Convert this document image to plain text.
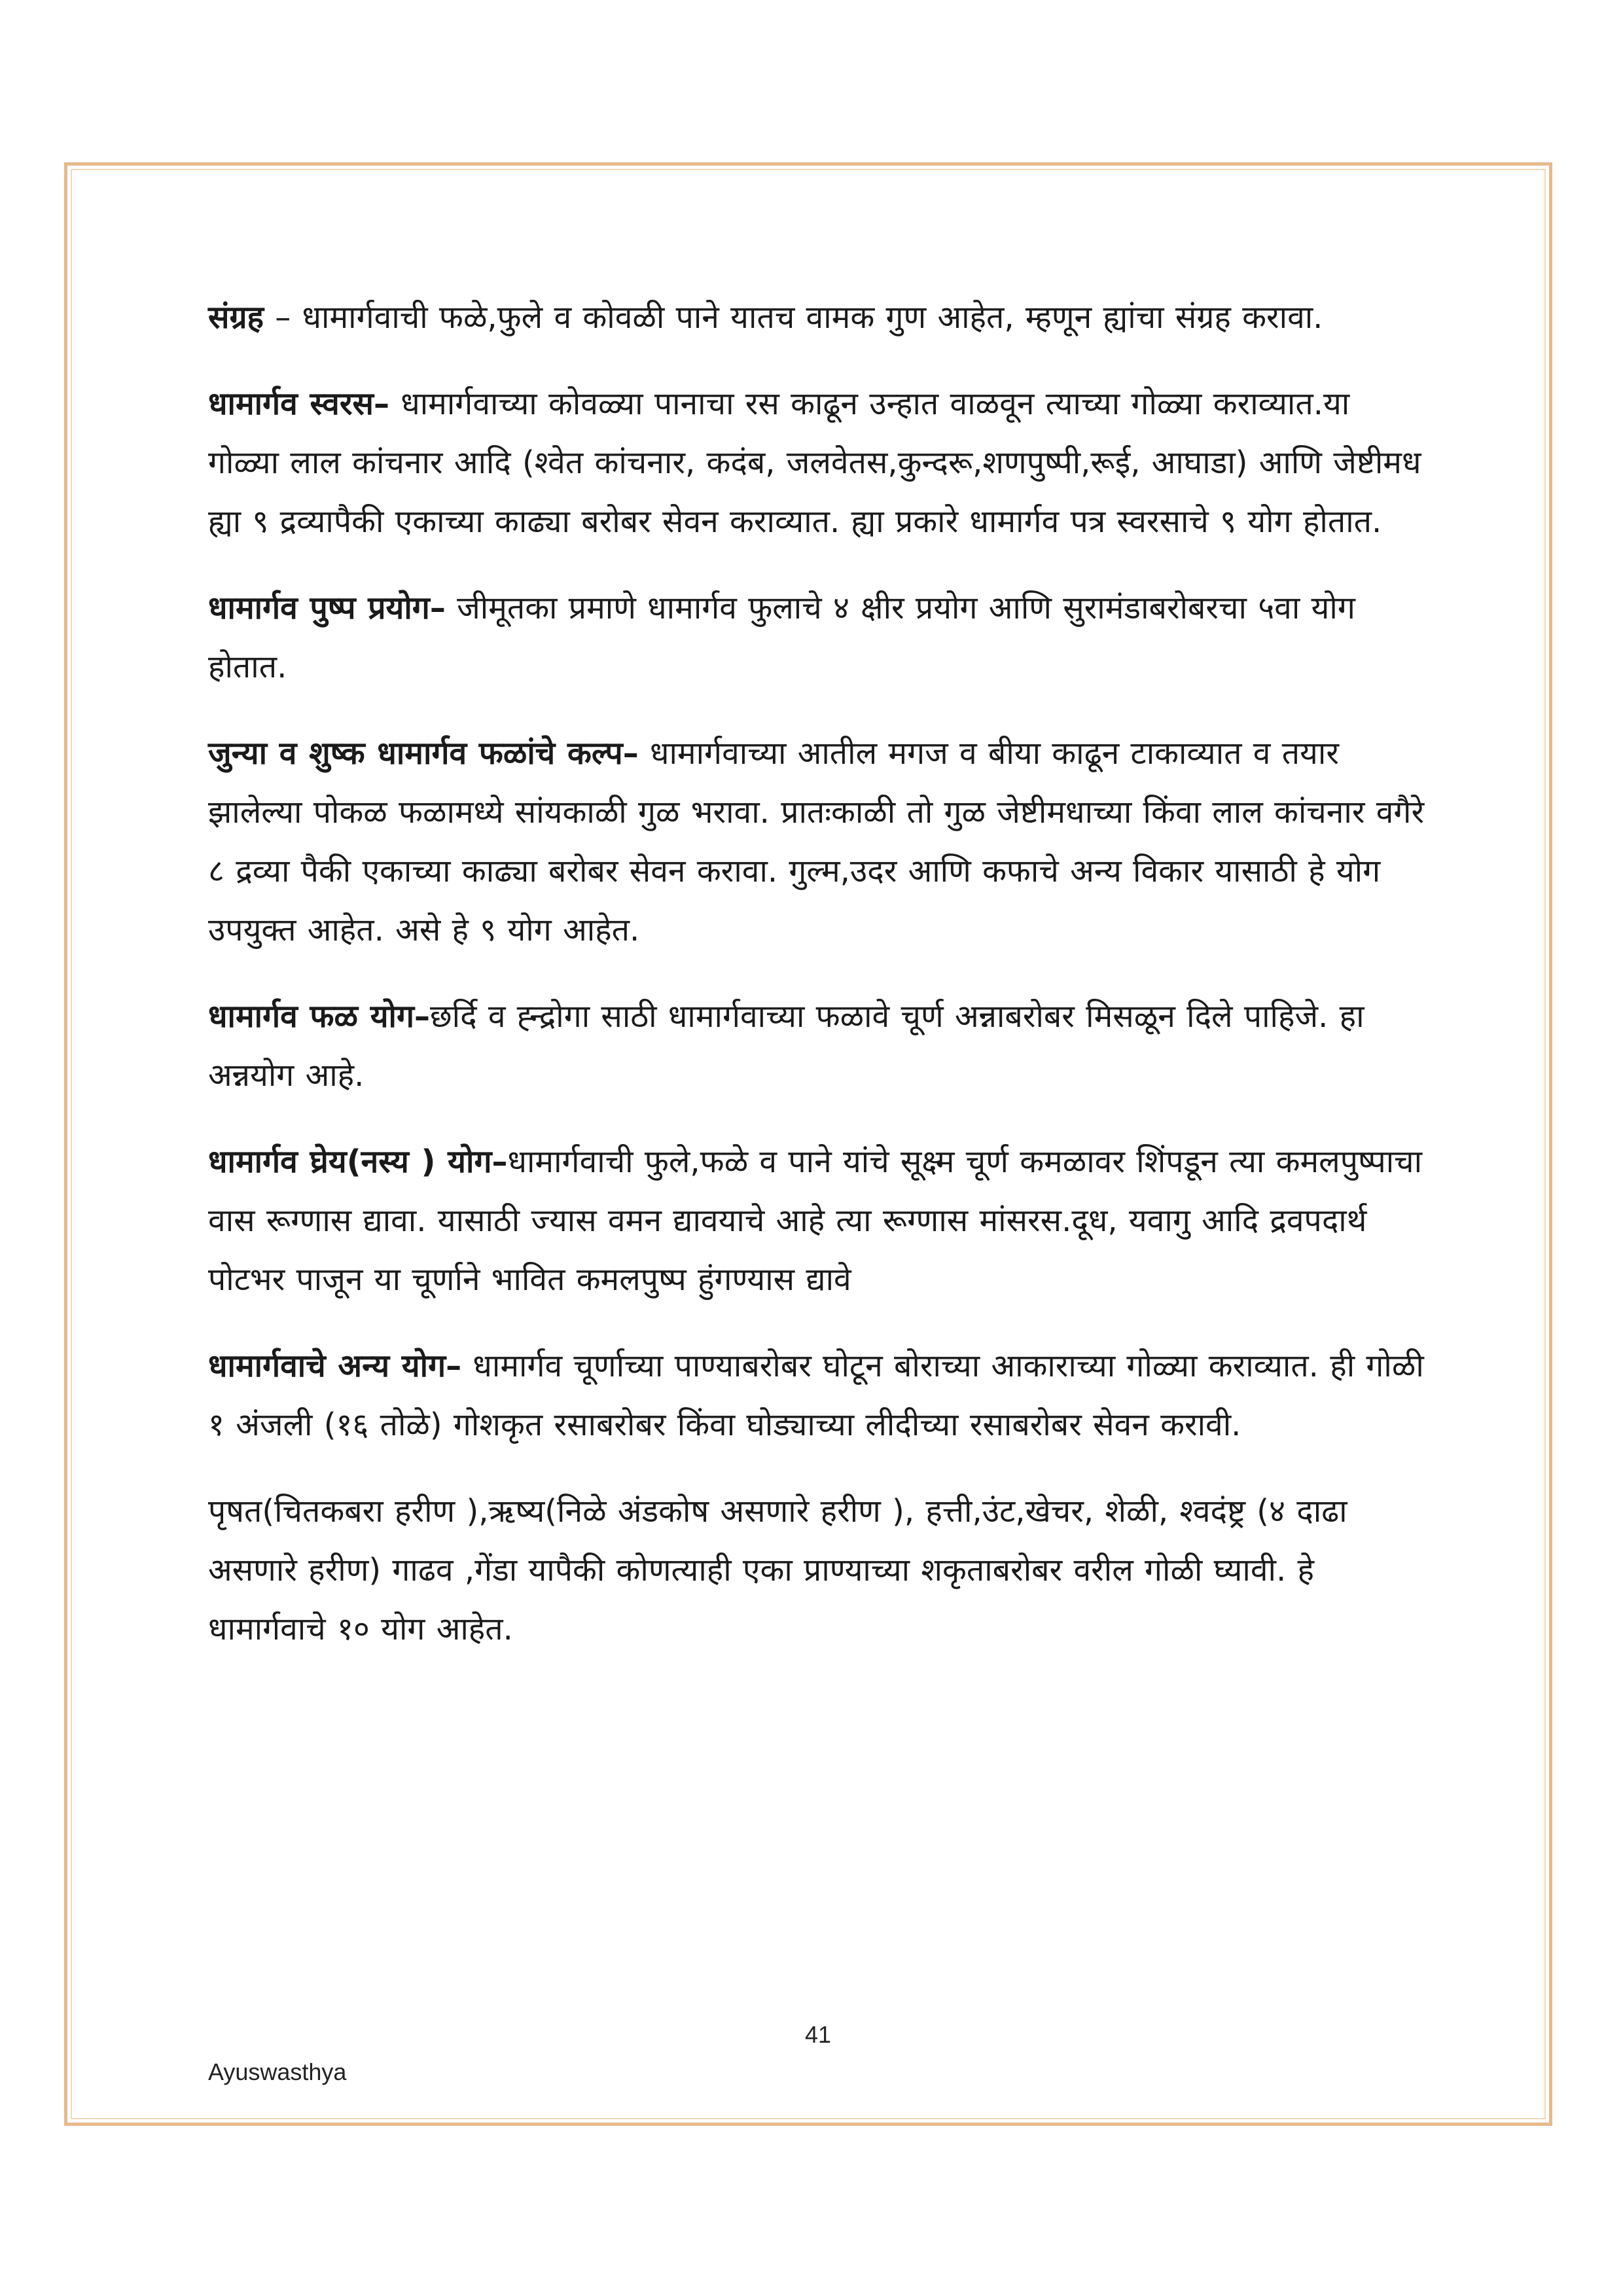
संग्रह – धामार्गवाची फळे,फुले व कोवळी पाने यातच वामक गुण आहेत, म्हणून ह्यांचा संग्रह करावा.

धामार्गव स्वरस– धामार्गवाच्या कोवळ्या पानाचा रस काढून उन्हात वाळवून त्याच्या गोळ्या कराव्यात.या गोळ्या लाल कांचनार आदि (श्वेत कांचनार, कदंब, जलवेतस,कुन्दरू,शणपुष्पी,रूई, आघाडा) आणि जेष्टीमध ह्या ९ द्रव्यापैकी एकाच्या काढ्या बरोबर सेवन कराव्यात. ह्या प्रकारे धामार्गव पत्र स्वरसाचे ९ योग होतात.

धामार्गव पुष्प प्रयोग– जीमूतका प्रमाणे धामार्गव फुलाचे ४ क्षीर प्रयोग आणि सुरामंडाबरोबरचा ५वा योग होतात.

जुन्या व शुष्क धामार्गव फळांचे कल्प– धामार्गवाच्या आतील मगज व बीया काढून टाकाव्यात व तयार झालेल्या पोकळ फळामध्ये सांयकाळी गुळ भरावा. प्रातःकाळी तो गुळ जेष्टीमधाच्या किंवा लाल कांचनार वगैरे ८ द्रव्या पैकी एकाच्या काढ्या बरोबर सेवन करावा. गुल्म,उदर आणि कफाचे अन्य विकार यासाठी हे योग उपयुक्त आहेत. असे हे ९ योग आहेत.

धामार्गव फळ योग–छर्दि व ह्न्द्रोगा साठी धामार्गवाच्या फळावे चूर्ण अन्नाबरोबर मिसळून दिले पाहिजे. हा अन्नयोग आहे.

धामार्गव घ्रेय(नस्य ) योग–धामार्गवाची फुले,फळे व पाने यांचे सूक्ष्म चूर्ण कमळावर शिंपडून त्या कमलपुष्पाचा वास रूग्णास द्यावा. यासाठी ज्यास वमन द्यावयाचे आहे त्या रूग्णास मांसरस.दूध, यवागु आदि द्रवपदार्थ पोटभर पाजून या चूर्णाने भावित कमलपुष्प हुंगण्यास द्यावे

धामार्गवाचे अन्य योग– धामार्गव चूर्णाच्या पाण्याबरोबर घोटून बोराच्या आकाराच्या गोळ्या कराव्यात. ही गोळी १ अंजली (१६ तोळे) गोशकृत रसाबरोबर किंवा घोड्याच्या लीदीच्या रसाबरोबर सेवन करावी.

पृषत(चितकबरा हरीण ),ऋष्य(निळे अंडकोष असणारे हरीण ), हत्ती,उंट,खेचर, शेळी, श्वदंष्ट्र (४ दाढा असणारे हरीण) गाढव ,गेंडा यापैकी कोणत्याही एका प्राण्याच्या शकृताबरोबर वरील गोळी घ्यावी. हे धामार्गवाचे १० योग आहेत.

41
Ayuswasthya
